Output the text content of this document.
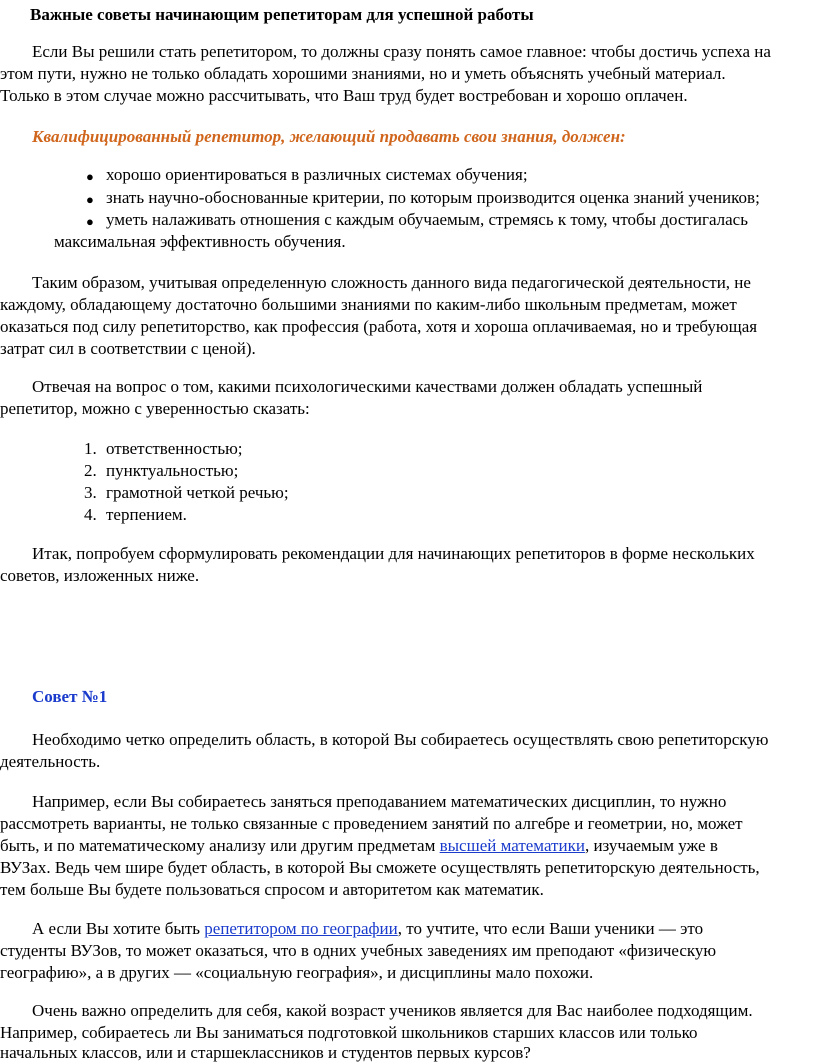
Важные советы начинающим репетиторам для успешной работы
Если Вы решили стать репетитором, то должны сразу понять самое главное: чтобы достичь успеха на
этом пути, нужно не только обладать хорошими знаниями, но и уметь объяснять учебный материал.
Только в этом случае можно рассчитывать, что Ваш труд будет востребован и хорошо оплачен.
Квалифицированный репетитор, желающий продавать свои знания, должен:
● хорошо ориентироваться в различных системах обучения;
● знать научно-обоснованные критерии, по которым производится оценка знаний учеников;
● уметь налаживать отношения с каждым обучаемым, стремясь к тому, чтобы достигалась
максимальная эффективность обучения.
Таким образом, учитывая определенную сложность данного вида педагогической деятельности, не
каждому, обладающему достаточно большими знаниями по каким-либо школьным предметам, может
оказаться под силу репетиторство, как профессия (работа, хотя и хороша оплачиваемая, но и требующая
затрат сил в соответствии с ценой).
Отвечая на вопрос о том, какими психологическими качествами должен обладать успешный
репетитор, можно с уверенностью сказать:
1. ответственностью;
2. пунктуальностью;
3. грамотной четкой речью;
4. терпением.
Итак, попробуем сформулировать рекомендации для начинающих репетиторов в форме нескольких
советов, изложенных ниже.
Совет №1
Необходимо четко определить область, в которой Вы собираетесь осуществлять свою репетиторскую
деятельность.
Например, если Вы собираетесь заняться преподаванием математических дисциплин, то нужно
рассмотреть варианты, не только связанные с проведением занятий по алгебре и геометрии, но, может
быть, и по математическому анализу или другим предметам высшей математики, изучаемым уже в
ВУЗах. Ведь чем шире будет область, в которой Вы сможете осуществлять репетиторскую деятельность,
тем больше Вы будете пользоваться спросом и авторитетом как математик.
А если Вы хотите быть репетитором по географии, то учтите, что если Ваши ученики — это
студенты ВУЗов, то может оказаться, что в одних учебных заведениях им преподают «физическую
географию», а в других — «социальную география», и дисциплины мало похожи.
Очень важно определить для себя, какой возраст учеников является для Вас наиболее подходящим.
Например, собираетесь ли Вы заниматься подготовкой школьников старших классов или только
начальных классов, или и старшеклассников и студентов первых курсов?
